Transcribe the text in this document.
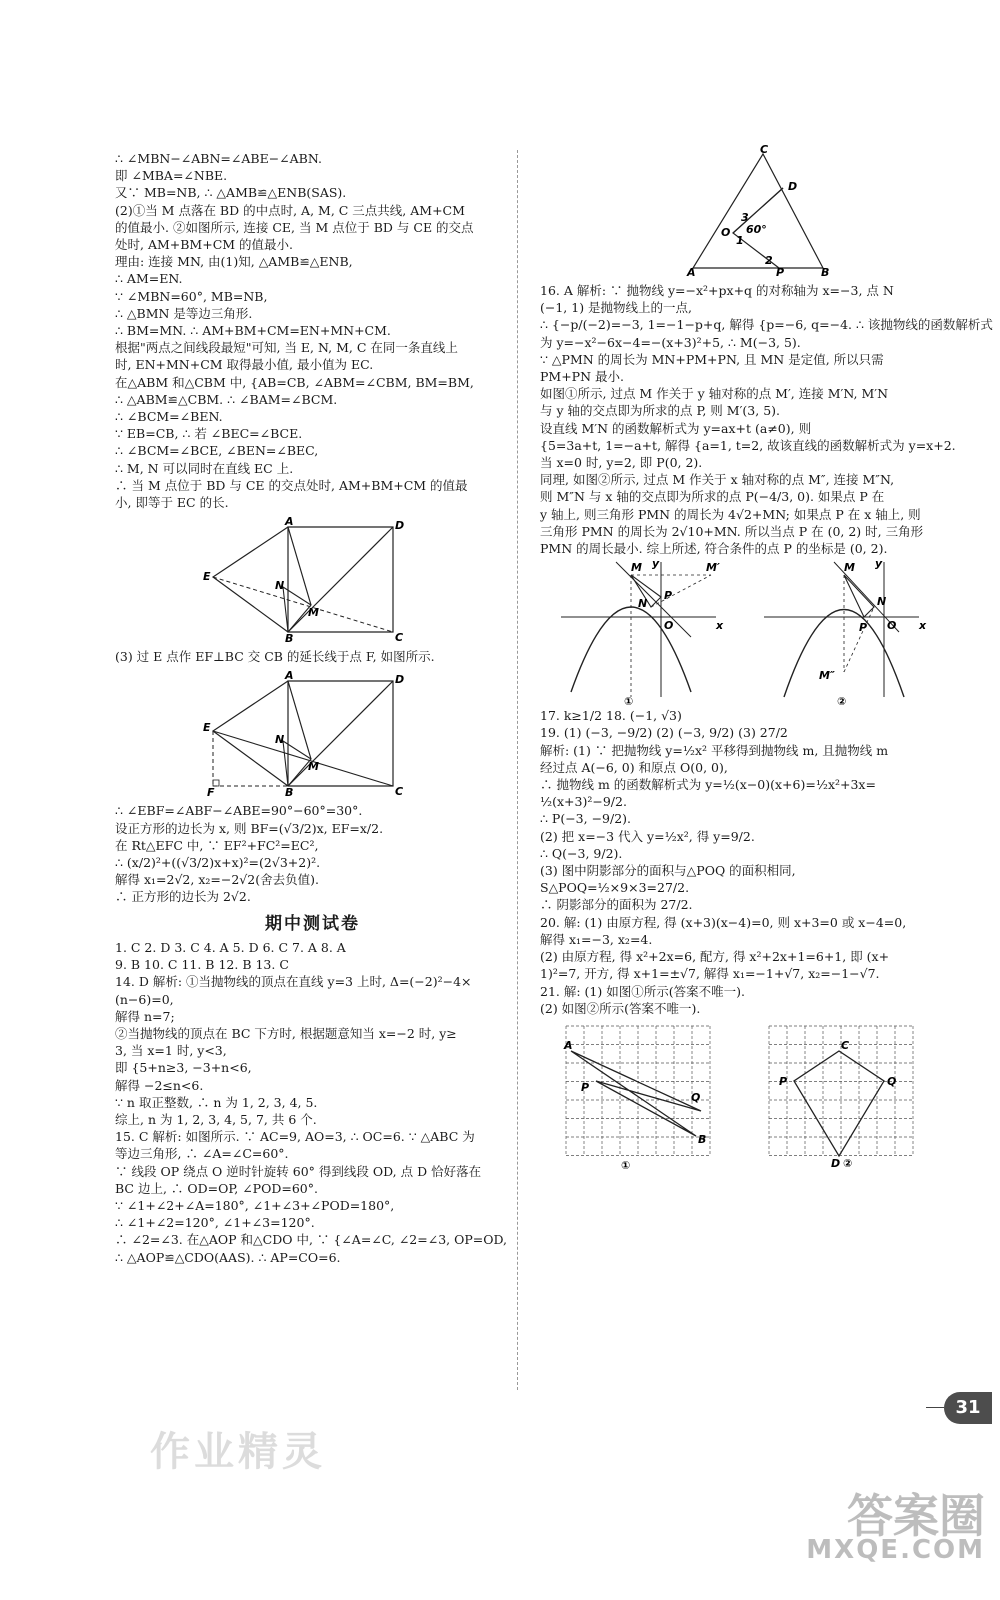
∴ ∠MBN−∠ABN=∠ABE−∠ABN.
即 ∠MBA=∠NBE.
又∵ MB=NB, ∴ △AMB≌△ENB(SAS).
(2)①当 M 点落在 BD 的中点时, A, M, C 三点共线, AM+CM
的值最小. ②如图所示, 连接 CE, 当 M 点位于 BD 与 CE 的交点
处时, AM+BM+CM 的值最小.
理由: 连接 MN, 由(1)知, △AMB≌△ENB,
∴ AM=EN.
∵ ∠MBN=60°, MB=NB,
∴ △BMN 是等边三角形.
∴ BM=MN. ∴ AM+BM+CM=EN+MN+CM.
根据"两点之间线段最短"可知, 当 E, N, M, C 在同一条直线上
时, EN+MN+CM 取得最小值, 最小值为 EC.
在△ABM 和△CBM 中, {AB=CB, ∠ABM=∠CBM, BM=BM,
∴ △ABM≌△CBM. ∴ ∠BAM=∠BCM.
∴ ∠BCM=∠BEN.
∵ EB=CB, ∴ 若 ∠BEC=∠BCE.
∴ ∠BCM=∠BCE, ∠BEN=∠BEC,
∴ M, N 可以同时在直线 EC 上.
∴ 当 M 点位于 BD 与 CE 的交点处时, AM+BM+CM 的值最
小, 即等于 EC 的长.
A	D
E
N
M
B	C
(3) 过 E 点作 EF⊥BC 交 CB 的延长线于点 F, 如图所示.
A	D
E
N
M
B	C
F
∴ ∠EBF=∠ABF−∠ABE=90°−60°=30°.
设正方形的边长为 x, 则 BF=(√3/2)x, EF=x/2.
在 Rt△EFC 中, ∵ EF²+FC²=EC²,
∴ (x/2)²+((√3/2)x+x)²=(2√3+2)².
解得 x₁=2√2, x₂=−2√2(舍去负值).
∴ 正方形的边长为 2√2.
期中测试卷
1. C 2. D 3. C 4. A 5. D 6. C 7. A 8. A
9. B 10. C 11. B 12. B 13. C
14. D 解析: ①当抛物线的顶点在直线 y=3 上时, Δ=(−2)²−4×
(n−6)=0,
解得 n=7;
②当抛物线的顶点在 BC 下方时, 根据题意知当 x=−2 时, y≥
3, 当 x=1 时, y<3,
即 {5+n≥3, −3+n<6,
解得 −2≤n<6.
∵ n 取正整数, ∴ n 为 1, 2, 3, 4, 5.
综上, n 为 1, 2, 3, 4, 5, 7, 共 6 个.
15. C 解析: 如图所示. ∵ AC=9, AO=3, ∴ OC=6. ∵ △ABC 为
等边三角形, ∴ ∠A=∠C=60°.
∵ 线段 OP 绕点 O 逆时针旋转 60° 得到线段 OD, 点 D 恰好落在
BC 边上, ∴ OD=OP, ∠POD=60°.
∵ ∠1+∠2+∠A=180°, ∠1+∠3+∠POD=180°,
∴ ∠1+∠2=120°, ∠1+∠3=120°.
∴ ∠2=∠3. 在△AOP 和△CDO 中, ∵ {∠A=∠C, ∠2=∠3, OP=OD,
∴ △AOP≌△CDO(AAS). ∴ AP=CO=6.
C
D
O
A	P	B
1
2
3
60°
16. A 解析: ∵ 抛物线 y=−x²+px+q 的对称轴为 x=−3, 点 N
(−1, 1) 是抛物线上的一点,
∴ {−p/(−2)=−3, 1=−1−p+q, 解得 {p=−6, q=−4. ∴ 该抛物线的函数解析式
为 y=−x²−6x−4=−(x+3)²+5, ∴ M(−3, 5).
∵ △PMN 的周长为 MN+PM+PN, 且 MN 是定值, 所以只需
PM+PN 最小.
如图①所示, 过点 M 作关于 y 轴对称的点 M′, 连接 M′N, M′N
与 y 轴的交点即为所求的点 P, 则 M′(3, 5).
设直线 M′N 的函数解析式为 y=ax+t (a≠0), 则
{5=3a+t, 1=−a+t, 解得 {a=1, t=2, 故该直线的函数解析式为 y=x+2.
当 x=0 时, y=2, 即 P(0, 2).
同理, 如图②所示, 过点 M 作关于 x 轴对称的点 M″, 连接 M″N,
则 M″N 与 x 轴的交点即为所求的点 P(−4/3, 0). 如果点 P 在
y 轴上, 则三角形 PMN 的周长为 4√2+MN; 如果点 P 在 x 轴上, 则
三角形 PMN 的周长为 2√10+MN. 所以当点 P 在 (0, 2) 时, 三角形
PMN 的周长最小. 综上所述, 符合条件的点 P 的坐标是 (0, 2).
M	M′
N
P
O	x
y
①
M
M″
N
P O x
y
②
17. k≥1/2 18. (−1, √3)
19. (1) (−3, −9/2) (2) (−3, 9/2) (3) 27/2
解析: (1) ∵ 把抛物线 y=½x² 平移得到抛物线 m, 且抛物线 m
经过点 A(−6, 0) 和原点 O(0, 0),
∴ 抛物线 m 的函数解析式为 y=½(x−0)(x+6)=½x²+3x=
½(x+3)²−9/2.
∴ P(−3, −9/2).
(2) 把 x=−3 代入 y=½x², 得 y=9/2.
∴ Q(−3, 9/2).
(3) 图中阴影部分的面积与△POQ 的面积相同,
S△POQ=½×9×3=27/2.
∴ 阴影部分的面积为 27/2.
20. 解: (1) 由原方程, 得 (x+3)(x−4)=0, 则 x+3=0 或 x−4=0,
解得 x₁=−3, x₂=4.
(2) 由原方程, 得 x²+2x=6, 配方, 得 x²+2x+1=6+1, 即 (x+
1)²=7, 开方, 得 x+1=±√7, 解得 x₁=−1+√7, x₂=−1−√7.
21. 解: (1) 如图①所示(答案不唯一).
(2) 如图②所示(答案不唯一).
A
P
Q
B
①
C
P	Q
D ②
作业精灵
31
答案圈
MXQE.COM
